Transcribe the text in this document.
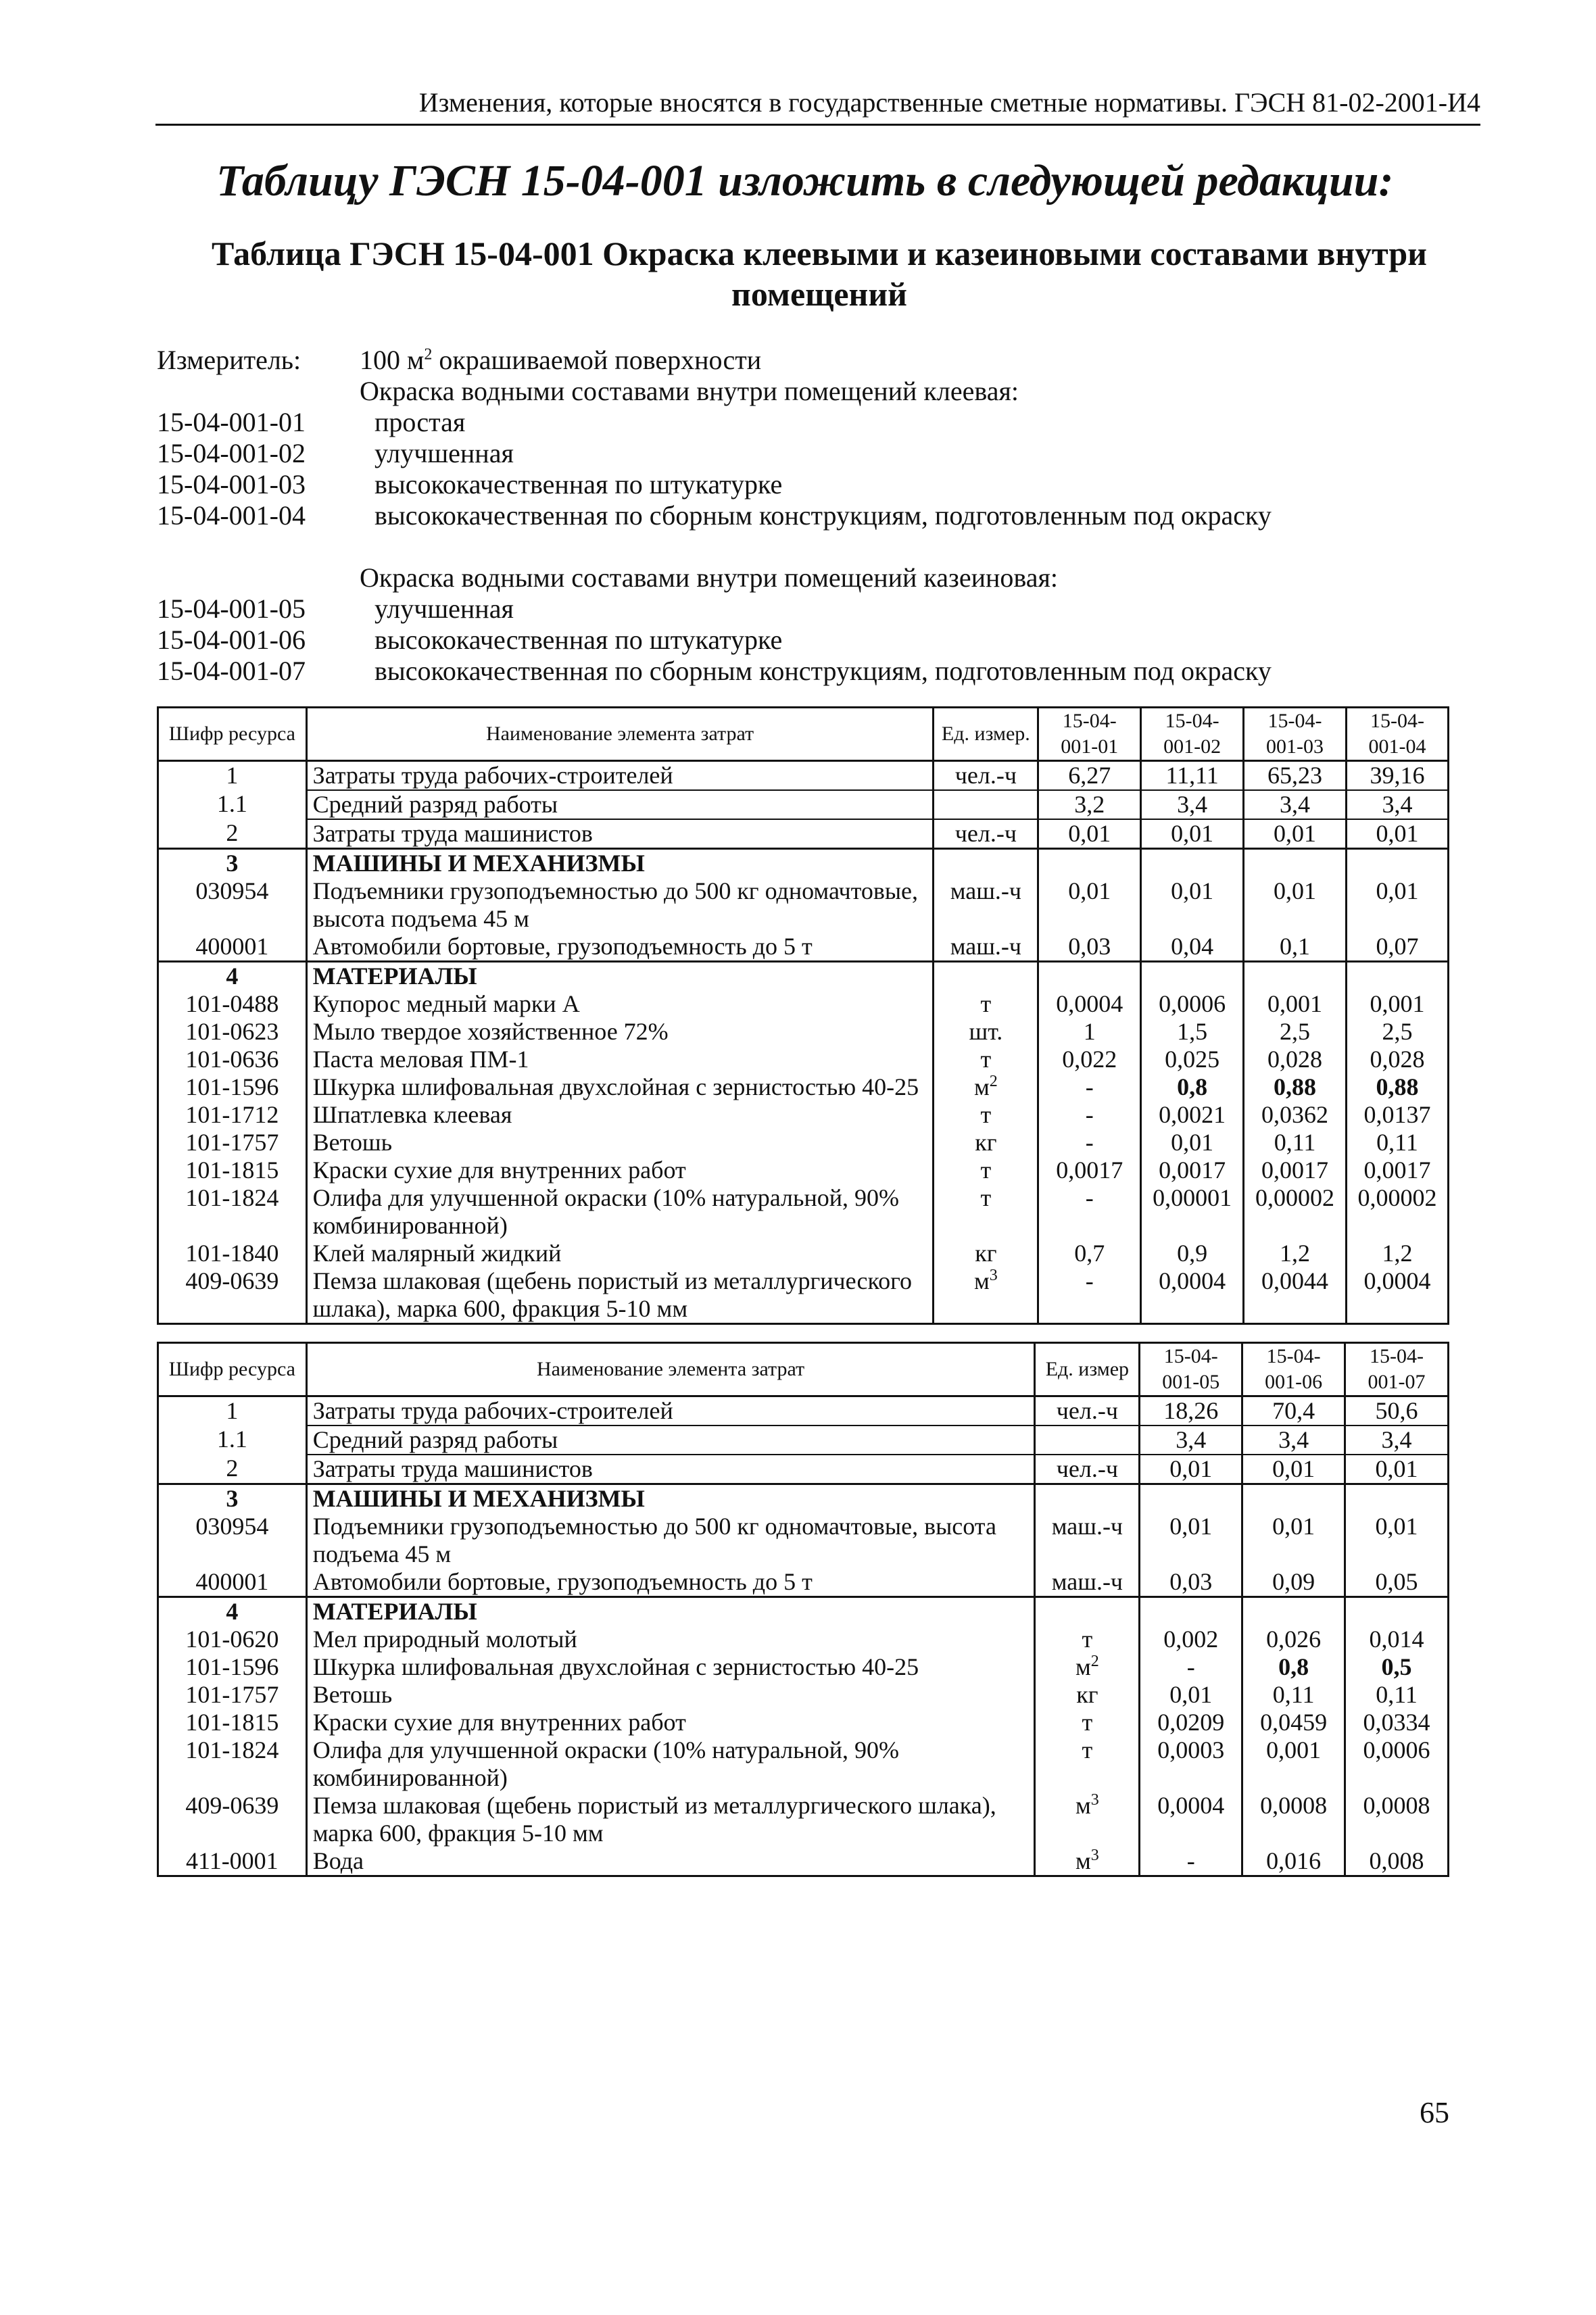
Изменения, которые вносятся в государственные сметные нормативы. ГЭСН 81-02-2001-И4
Таблицу ГЭСН 15-04-001 изложить в следующей редакции:
Таблица ГЭСН 15-04-001 Окраска клеевыми и казеиновыми составами внутри помещений
Измеритель:	100 $м^2$ окрашиваемой поверхности
Окраска водными составами внутри помещений клеевая:
15-04-001-01	простая
15-04-001-02	улучшенная
15-04-001-03	высококачественная по штукатурке
15-04-001-04	высококачественная по сборным конструкциям, подготовленным под окраску
Окраска водными составами внутри помещений казеиновая:
15-04-001-05	улучшенная
15-04-001-06	высококачественная по штукатурке
15-04-001-07	высококачественная по сборным конструкциям, подготовленным под окраску
Шифр ресурса	Наименование элемента затрат	Ед. измер.	15-04-001-01	15-04-001-02	15-04-001-03	15-04-001-04
1	Затраты труда рабочих-строителей	чел.-ч	6,27	11,11	65,23	39,16
1.1	Средний разряд работы		3,2	3,4	3,4	3,4
2	Затраты труда машинистов	чел.-ч	0,01	0,01	0,01	0,01
3	МАШИНЫ И МЕХАНИЗМЫ					
030954	Подъемники грузоподъемностью до 500 кг одномачтовые, высота подъема 45 м	маш.-ч	0,01	0,01	0,01	0,01
400001	Автомобили бортовые, грузоподъемность до 5 т	маш.-ч	0,03	0,04	0,1	0,07
4	МАТЕРИАЛЫ					
101-0488	Купорос медный марки А	т	0,0004	0,0006	0,001	0,001
101-0623	Мыло твердое хозяйственное 72%	шт.	1	1,5	2,5	2,5
101-0636	Паста меловая ПМ-1	т	0,022	0,025	0,028	0,028
101-1596	Шкурка шлифовальная двухслойная с зернистостью 40-25	$м^2$	-	0,8	0,88	0,88
101-1712	Шпатлевка клеевая	т	-	0,0021	0,0362	0,0137
101-1757	Ветошь	кг	-	0,01	0,11	0,11
101-1815	Краски сухие для внутренних работ	т	0,0017	0,0017	0,0017	0,0017
101-1824	Олифа для улучшенной окраски (10% натуральной, 90% комбинированной)	т	-	0,00001	0,00002	0,00002
101-1840	Клей малярный жидкий	кг	0,7	0,9	1,2	1,2
409-0639	Пемза шлаковая (щебень пористый из металлургического шлака), марка 600, фракция 5-10 мм	$м^3$	-	0,0004	0,0044	0,0004
Шифр ресурса	Наименование элемента затрат	Ед. измер	15-04-001-05	15-04-001-06	15-04-001-07
1	Затраты труда рабочих-строителей	чел.-ч	18,26	70,4	50,6
1.1	Средний разряд работы		3,4	3,4	3,4
2	Затраты труда машинистов	чел.-ч	0,01	0,01	0,01
3	МАШИНЫ И МЕХАНИЗМЫ				
030954	Подъемники грузоподъемностью до 500 кг одномачтовые, высота подъема 45 м	маш.-ч	0,01	0,01	0,01
400001	Автомобили бортовые, грузоподъемность до 5 т	маш.-ч	0,03	0,09	0,05
4	МАТЕРИАЛЫ				
101-0620	Мел природный молотый	т	0,002	0,026	0,014
101-1596	Шкурка шлифовальная двухслойная с зернистостью 40-25	$м^2$	-	0,8	0,5
101-1757	Ветошь	кг	0,01	0,11	0,11
101-1815	Краски сухие для внутренних работ	т	0,0209	0,0459	0,0334
101-1824	Олифа для улучшенной окраски (10% натуральной, 90% комбинированной)	т	0,0003	0,001	0,0006
409-0639	Пемза шлаковая (щебень пористый из металлургического шлака), марка 600, фракция 5-10 мм	$м^3$	0,0004	0,0008	0,0008
411-0001	Вода	$м^3$	-	0,016	0,008
65
